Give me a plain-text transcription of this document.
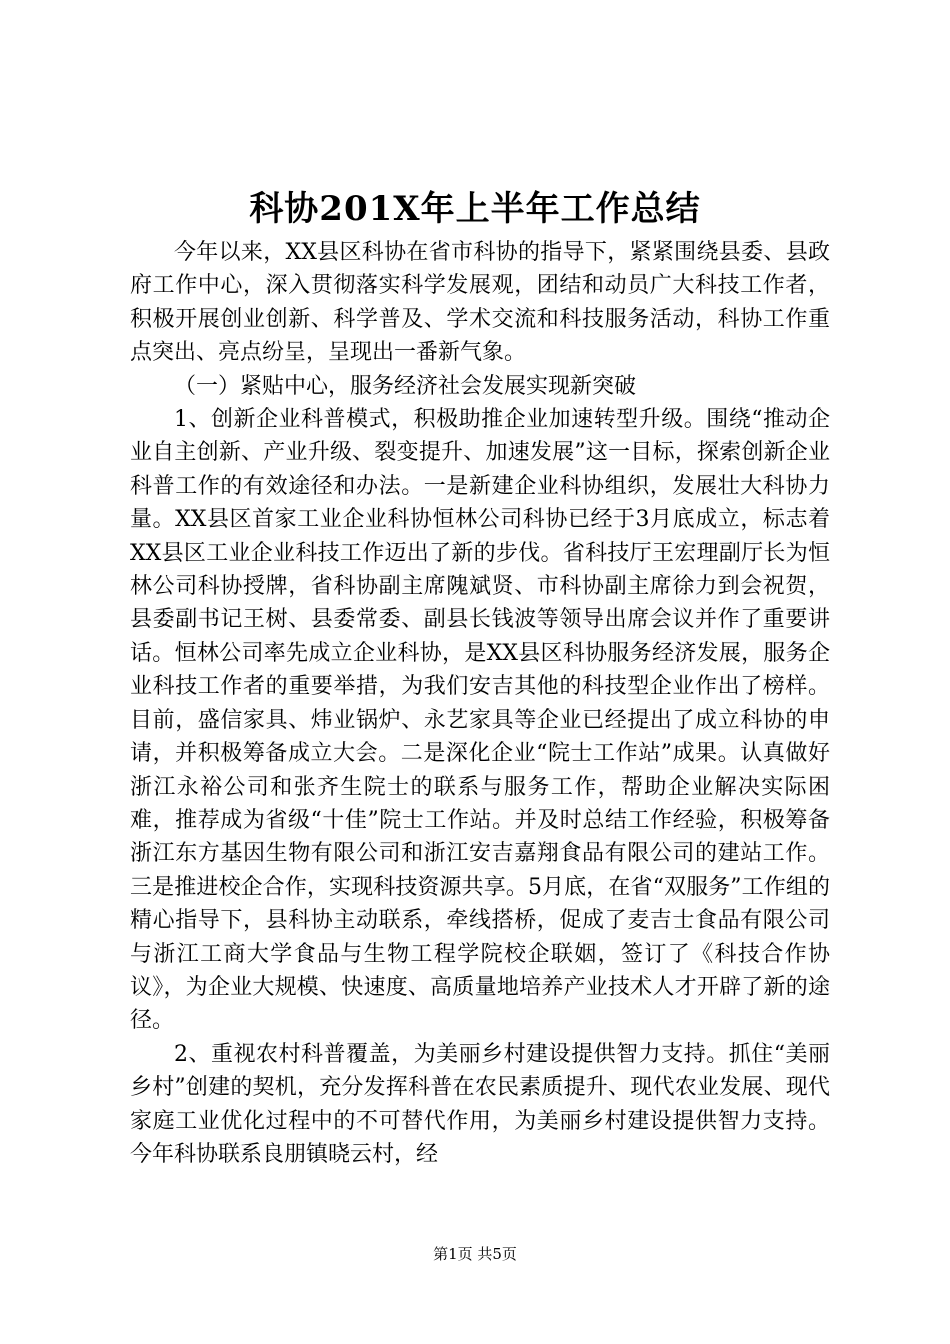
科协201X年上半年工作总结

今年以来，XX县区科协在省市科协的指导下，紧紧围绕县委、县政府工作中心，深入贯彻落实科学发展观，团结和动员广大科技工作者，积极开展创业创新、科学普及、学术交流和科技服务活动，科协工作重点突出、亮点纷呈，呈现出一番新气象。

（一）紧贴中心，服务经济社会发展实现新突破

1、创新企业科普模式，积极助推企业加速转型升级。围绕“推动企业自主创新、产业升级、裂变提升、加速发展”这一目标，探索创新企业科普工作的有效途径和办法。一是新建企业科协组织，发展壮大科协力量。XX县区首家工业企业科协恒林公司科协已经于3月底成立，标志着XX县区工业企业科技工作迈出了新的步伐。省科技厅王宏理副厅长为恒林公司科协授牌，省科协副主席隗斌贤、市科协副主席徐力到会祝贺，县委副书记王树、县委常委、副县长钱波等领导出席会议并作了重要讲话。恒林公司率先成立企业科协，是XX县区科协服务经济发展，服务企业科技工作者的重要举措，为我们安吉其他的科技型企业作出了榜样。目前，盛信家具、炜业锅炉、永艺家具等企业已经提出了成立科协的申请，并积极筹备成立大会。二是深化企业“院士工作站”成果。认真做好浙江永裕公司和张齐生院士的联系与服务工作，帮助企业解决实际困难，推荐成为省级“十佳”院士工作站。并及时总结工作经验，积极筹备浙江东方基因生物有限公司和浙江安吉嘉翔食品有限公司的建站工作。三是推进校企合作，实现科技资源共享。5月底，在省“双服务”工作组的精心指导下，县科协主动联系，牵线搭桥，促成了麦吉士食品有限公司与浙江工商大学食品与生物工程学院校企联姻，签订了《科技合作协议》，为企业大规模、快速度、高质量地培养产业技术人才开辟了新的途径。

2、重视农村科普覆盖，为美丽乡村建设提供智力支持。抓住“美丽乡村”创建的契机，充分发挥科普在农民素质提升、现代农业发展、现代家庭工业优化过程中的不可替代作用，为美丽乡村建设提供智力支持。今年科协联系良朋镇晓云村，经

第1页 共5页
